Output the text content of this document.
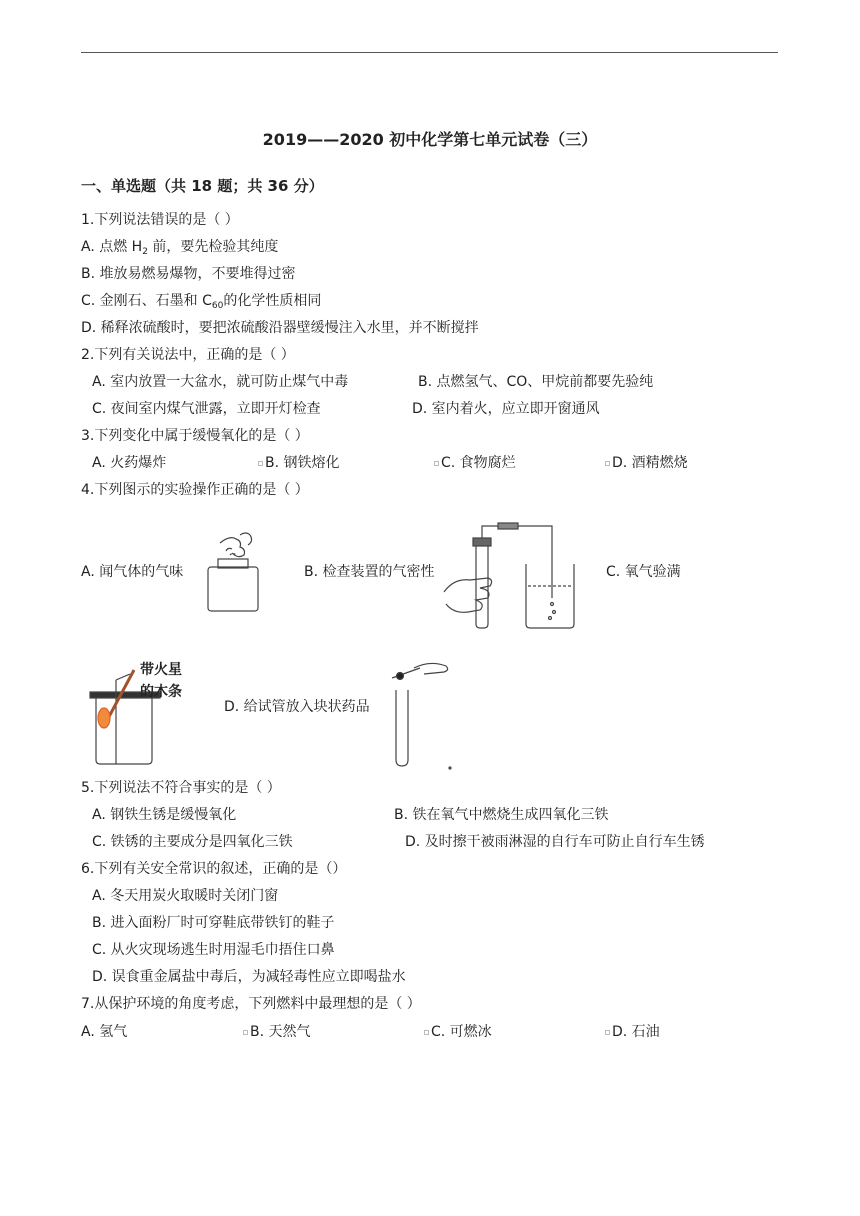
2019——2020 初中化学第七单元试卷（三）
一、单选题（共 18 题；共 36 分）
1.下列说法错误的是（ ）
A. 点燃 $H_2$ 前，要先检验其纯度
B. 堆放易燃易爆物，不要堆得过密
C. 金刚石、石墨和 $C_{60}$的化学性质相同
D. 稀释浓硫酸时，要把浓硫酸沿器壁缓慢注入水里，并不断搅拌
2.下列有关说法中，正确的是（ ）
A. 室内放置一大盆水，就可防止煤气中毒	B. 点燃氢气、CO、甲烷前都要先验纯
C. 夜间室内煤气泄露，立即开灯检查	D. 室内着火，应立即开窗通风
3.下列变化中属于缓慢氧化的是（ ）
A. 火药爆炸	B. 钢铁熔化	C. 食物腐烂	D. 酒精燃烧
4.下列图示的实验操作正确的是（ ）
A. 闻气体的气味	B. 检查装置的气密性	C. 氧气验满
带火星
的木条
D. 给试管放入块状药品
5.下列说法不符合事实的是（ ）
A. 钢铁生锈是缓慢氧化	B. 铁在氧气中燃烧生成四氧化三铁
C. 铁锈的主要成分是四氧化三铁	D. 及时擦干被雨淋湿的自行车可防止自行车生锈
6.下列有关安全常识的叙述，正确的是（）
A. 冬天用炭火取暖时关闭门窗
B. 进入面粉厂时可穿鞋底带铁钉的鞋子
C. 从火灾现场逃生时用湿毛巾捂住口鼻
D. 误食重金属盐中毒后，为减轻毒性应立即喝盐水
7.从保护环境的角度考虑，下列燃料中最理想的是（ ）
A. 氢气	B. 天然气	C. 可燃冰	D. 石油
